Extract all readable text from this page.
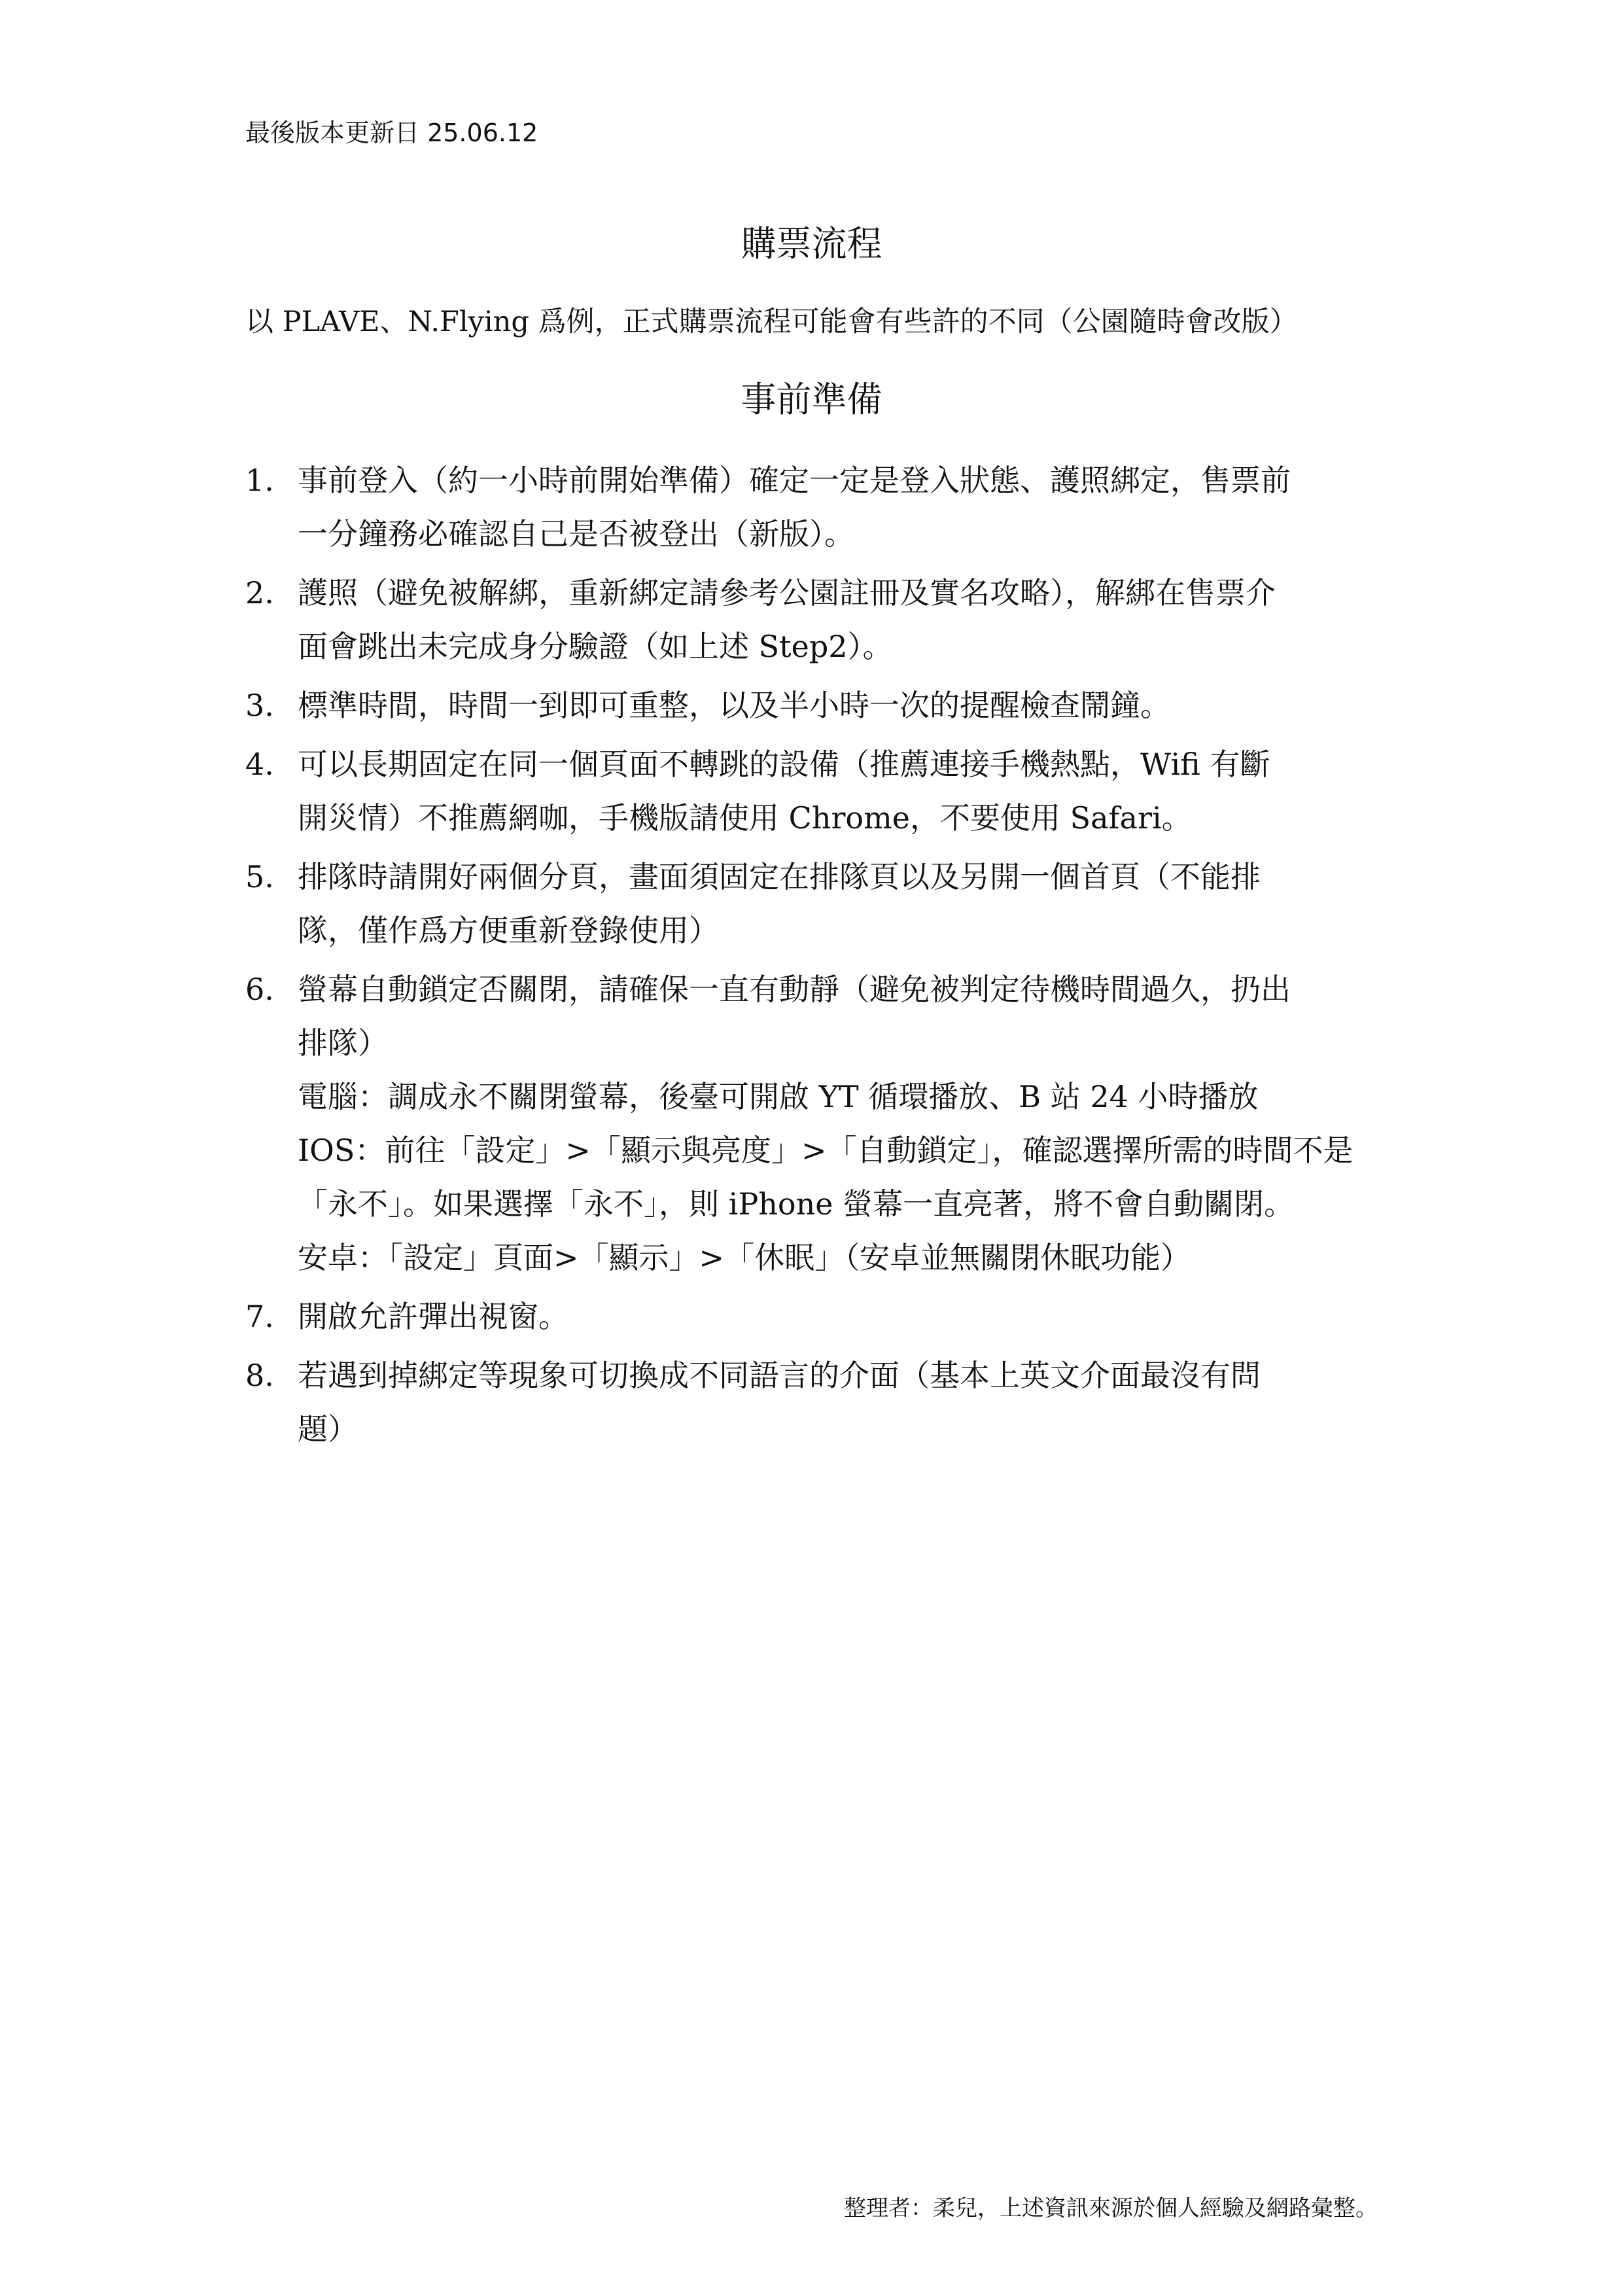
最後版本更新日 25.06.12
購票流程
以 PLAVE、N.Flying 爲例，正式購票流程可能會有些許的不同（公園隨時會改版）
事前準備
1. 事前登入（約一小時前開始準備）確定一定是登入狀態、護照綁定，售票前
一分鐘務必確認自己是否被登出（新版）。
2. 護照（避免被解綁，重新綁定請參考公園註冊及實名攻略），解綁在售票介
面會跳出未完成身分驗證（如上述 Step2）。
3. 標準時間，時間一到即可重整，以及半小時一次的提醒檢查鬧鐘。
4. 可以長期固定在同一個頁面不轉跳的設備（推薦連接手機熱點，Wifi 有斷
開災情）不推薦網咖，手機版請使用 Chrome，不要使用 Safari。
5. 排隊時請開好兩個分頁，畫面須固定在排隊頁以及另開一個首頁（不能排
隊，僅作爲方便重新登錄使用）
6. 螢幕自動鎖定否關閉，請確保一直有動靜（避免被判定待機時間過久，扔出
排隊）
電腦：調成永不關閉螢幕，後臺可開啟 YT 循環播放、B 站 24 小時播放
IOS：前往「設定」>「顯示與亮度」>「自動鎖定」，確認選擇所需的時間不是
「永不」。如果選擇「永不」，則 iPhone 螢幕一直亮著，將不會自動關閉。
安卓：「設定」頁面>「顯示」>「休眠」（安卓並無關閉休眠功能）
7. 開啟允許彈出視窗。
8. 若遇到掉綁定等現象可切換成不同語言的介面（基本上英文介面最沒有問
題）
整理者：柔兒，上述資訊來源於個人經驗及網路彙整。
